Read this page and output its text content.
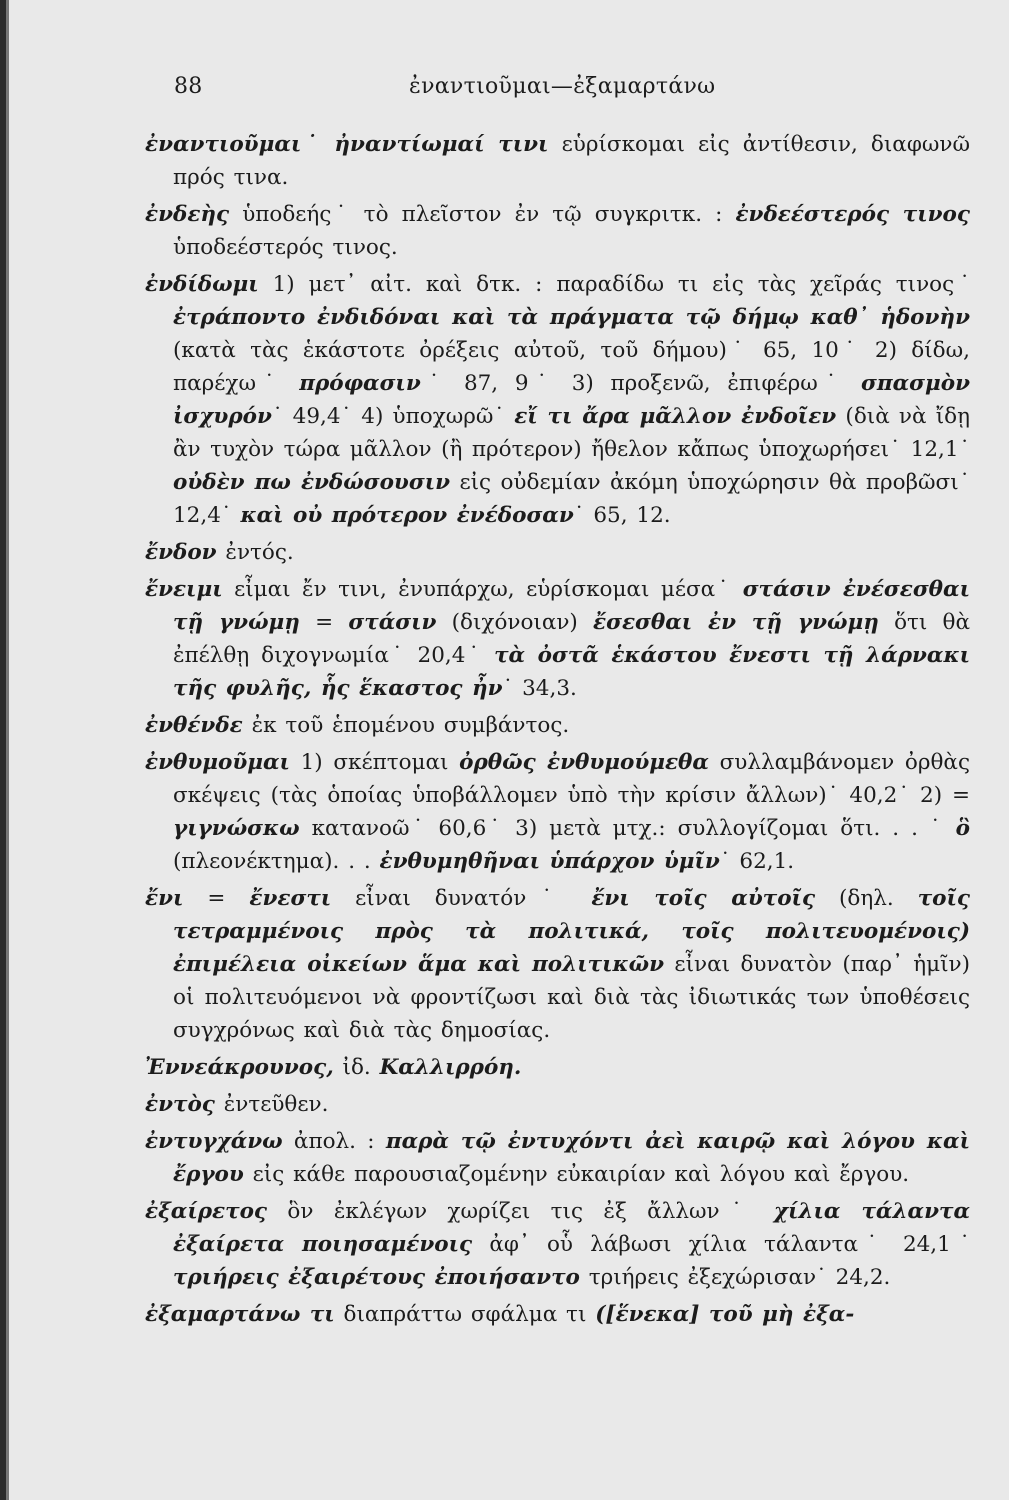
88	ἐναντιοῦμαι—ἐξαμαρτάνω

ἐναντιοῦμαι˙ ἠναντίωμαί τινι εὑρίσκομαι εἰς ἀντίθεσιν, διαφωνῶ πρός τινα.

ἐνδεὴς ὑποδεής˙ τὸ πλεῖστον ἐν τῷ συγκριτκ. : ἐνδεέστερός τινος ὑποδεέστερός τινος.

ἐνδίδωμι 1) μετ᾽ αἰτ. καὶ δτκ. : παραδίδω τι εἰς τὰς χεῖράς τινος˙ ἐτράποντο ἐνδιδόναι καὶ τὰ πράγματα τῷ δήμῳ καθ᾽ ἡδονὴν (κατὰ τὰς ἑκάστοτε ὀρέξεις αὐτοῦ, τοῦ δήμου)˙ 65, 10˙ 2) δίδω, παρέχω˙ πρόφασιν˙ 87, 9˙ 3) προξενῶ, ἐπιφέρω˙ σπασμὸν ἰσχυρόν˙ 49,4˙ 4) ὑποχωρῶ˙ εἴ τι ἄρα μᾶλλον ἐνδοῖεν (διὰ νὰ ἴδῃ ἂν τυχὸν τώρα μᾶλλον (ἢ πρότερον) ἤθελον κἄπως ὑποχωρήσει˙ 12,1˙ οὐδὲν πω ἐνδώσουσιν εἰς οὐδεμίαν ἀκόμη ὑποχώρησιν θὰ προβῶσι˙ 12,4˙ καὶ οὐ πρότερον ἐνέδοσαν˙ 65, 12.

ἔνδον ἐντός.

ἔνειμι εἶμαι ἔν τινι, ἐνυπάρχω, εὑρίσκομαι μέσα˙ στάσιν ἐνέσεσθαι τῇ γνώμῃ = στάσιν (διχόνοιαν) ἔσεσθαι ἐν τῇ γνώμῃ ὅτι θὰ ἐπέλθῃ διχογνωμία˙ 20,4˙ τὰ ὀστᾶ ἑκάστου ἔνεστι τῇ λάρνακι τῆς φυλῆς, ἧς ἕκαστος ἦν˙ 34,3.

ἐνθένδε ἐκ τοῦ ἑπομένου συμβάντος.

ἐνθυμοῦμαι 1) σκέπτομαι ὀρθῶς ἐνθυμούμεθα συλλαμβάνομεν ὀρθὰς σκέψεις (τὰς ὁποίας ὑποβάλλομεν ὑπὸ τὴν κρίσιν ἄλλων)˙ 40,2˙ 2) = γιγνώσκω κατανοῶ˙ 60,6˙ 3) μετὰ μτχ.: συλλογίζομαι ὅτι. . . ˙ ὃ (πλεονέκτημα). . . ἐνθυμηθῆναι ὑπάρχον ὑμῖν˙ 62,1.

ἔνι = ἔνεστι εἶναι δυνατόν˙ ἔνι τοῖς αὐτοῖς (δηλ. τοῖς τετραμμένοις πρὸς τὰ πολιτικά, τοῖς πολιτευομένοις) ἐπιμέλεια οἰκείων ἅμα καὶ πολιτικῶν εἶναι δυνατὸν (παρ᾽ ἡμῖν) οἱ πολιτευόμενοι νὰ φροντίζωσι καὶ διὰ τὰς ἰδιωτικάς των ὑποθέσεις συγχρόνως καὶ διὰ τὰς δημοσίας.

Ἐννεάκρουνος, ἰδ. Καλλιρρόη.

ἐντὸς ἐντεῦθεν.

ἐντυγχάνω ἀπολ. : παρὰ τῷ ἐντυχόντι ἀεὶ καιρῷ καὶ λόγου καὶ ἔργου εἰς κάθε παρουσιαζομένην εὐκαιρίαν καὶ λόγου καὶ ἔργου.

ἐξαίρετος ὃν ἐκλέγων χωρίζει τις ἐξ ἄλλων˙ χίλια τάλαντα ἐξαίρετα ποιησαμένοις ἀφ᾽ οὗ λάβωσι χίλια τάλαντα˙ 24,1˙ τριήρεις ἐξαιρέτους ἐποιήσαντο τριήρεις ἐξεχώρισαν˙ 24,2.

ἐξαμαρτάνω τι διαπράττω σφάλμα τι ([ἕνεκα] τοῦ μὴ ἐξα-
